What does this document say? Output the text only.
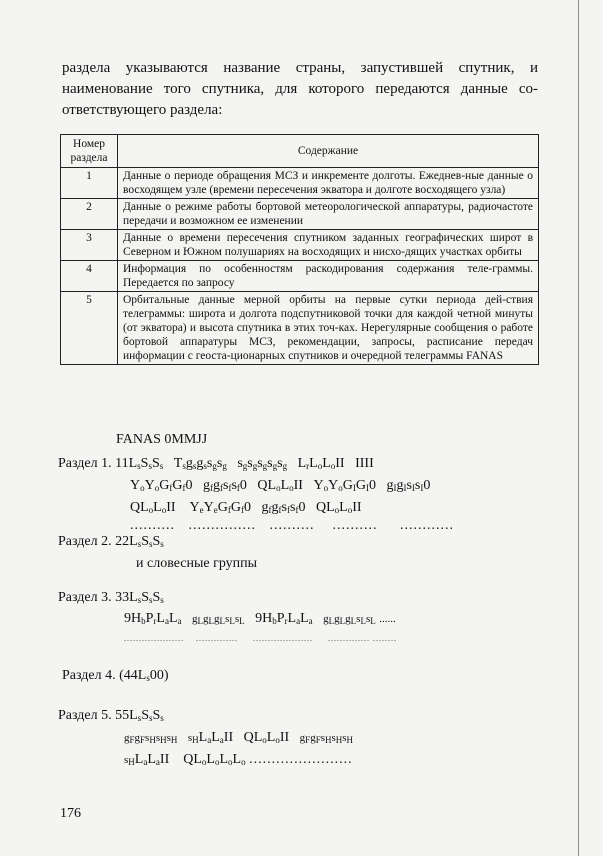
раздела указываются название страны, запустившей спутник, и наименование того спутника, для которого передаются данные со-ответствующего раздела:

Номер раздела	Содержание
1	Данные о периоде обращения МСЗ и инкременте долготы. Ежеднев-ные данные о восходящем узле (времени пересечения экватора и долготе восходящего узла)
2	Данные о режиме работы бортовой метеорологической аппаратуры, радиочастоте передачи и возможном ее изменении
3	Данные о времени пересечения спутником заданных географических широт в Северном и Южном полушариях на восходящих и нисхо-дящих участках орбиты
4	Информация по особенностям раскодирования содержания теле-граммы. Передается по запросу
5	Орбитальные данные мерной орбиты на первые сутки периода дей-ствия телеграммы: широта и долгота подспутниковой точки для каждой четной минуты (от экватора) и высота спутника в этих точ-ках. Нерегулярные сообщения о работе бортовой аппаратуры МСЗ, рекомендации, запросы, расписание передач информации с геоста-ционарных спутников и очередной телеграммы FANAS
FANAS 0MMJJ
Раздел 1. $11L_sS_sS_s$   $T_sg_sg_ss_gs_g$   $s_gs_gs_gs_gs_g$   $L_rL_oL_oII$   IIII
$Y_oY_oG_fG_f0$   $g_fg_fs_fs_f0$   $QL_oL_oII$   $Y_oY_oG_IG_I0$   $g_Ig_Is_Is_I0$
$QL_oL_oII$    $Y_eY_eG_fG_f0$   $g_fg_fs_fs_f0$   $QL_oL_oII$
..........   ...............   ..........    ..........     ............
Раздел 2. $22L_sS_sS_s$
и словесные группы
Раздел 3. $33L_sS_sS_s$
$9H_bP_rL_aL_a$ $g_Lg_Lg_Ls_Ls_L$   $9H_bP_rL_aL_a$ $g_Lg_Lg_Ls_Ls_L$ ......
....................    ..............     ....................     .............. ........
Раздел 4. $(44L_s00)$
Раздел 5. $55L_sS_sS_s$
$g_Fg_Fs_Hs_Hs_H$ $s_HL_aL_aII$   $QL_oL_oII$   $g_Fg_Fs_Hs_Hs_H$
$s_HL_aL_aII$    $QL_oL_oL_oL_o$ .......................
176
